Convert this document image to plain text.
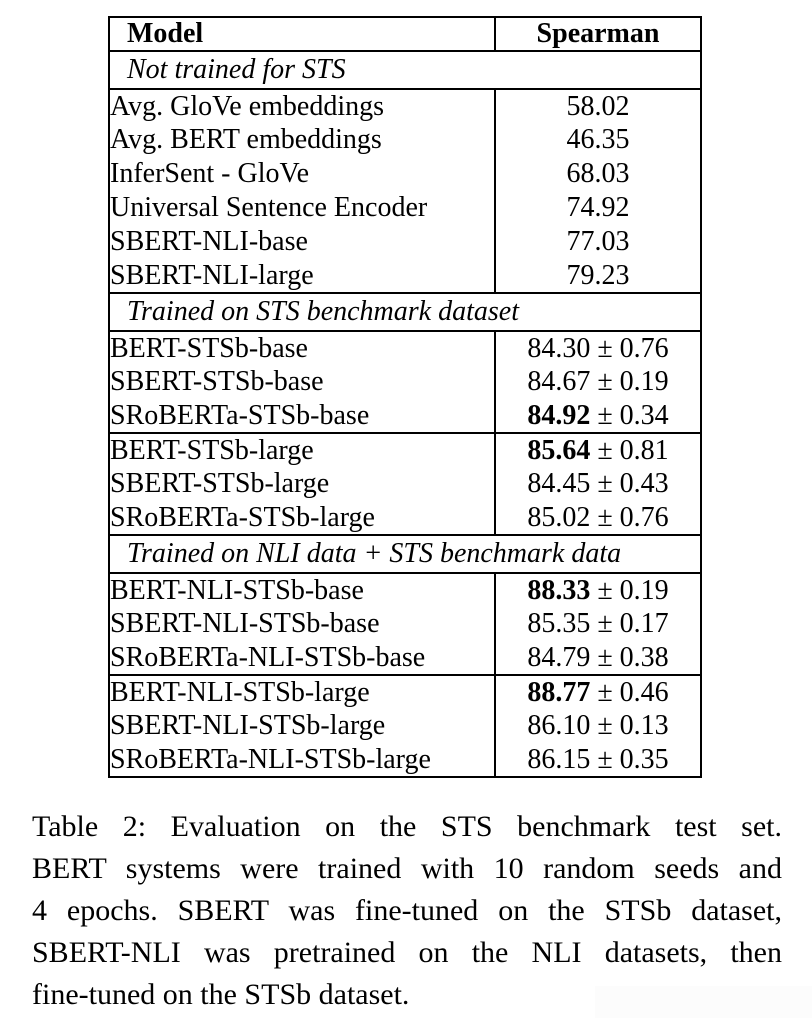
Model	Spearman
Not trained for STS	
Avg. GloVe embeddings	58.02
Avg. BERT embeddings	46.35
InferSent - GloVe	68.03
Universal Sentence Encoder	74.92
SBERT-NLI-base	77.03
SBERT-NLI-large	79.23
Trained on STS benchmark dataset	
BERT-STSb-base	84.30 ± 0.76
SBERT-STSb-base	84.67 ± 0.19
SRoBERTa-STSb-base	84.92 ± 0.34
BERT-STSb-large	85.64 ± 0.81
SBERT-STSb-large	84.45 ± 0.43
SRoBERTa-STSb-large	85.02 ± 0.76
Trained on NLI data + STS benchmark data	
BERT-NLI-STSb-base	88.33 ± 0.19
SBERT-NLI-STSb-base	85.35 ± 0.17
SRoBERTa-NLI-STSb-base	84.79 ± 0.38
BERT-NLI-STSb-large	88.77 ± 0.46
SBERT-NLI-STSb-large	86.10 ± 0.13
SRoBERTa-NLI-STSb-large	86.15 ± 0.35
Table 2: Evaluation on the STS benchmark test set.
BERT systems were trained with 10 random seeds and
4 epochs. SBERT was fine-tuned on the STSb dataset,
SBERT-NLI was pretrained on the NLI datasets, then
fine-tuned on the STSb dataset.
